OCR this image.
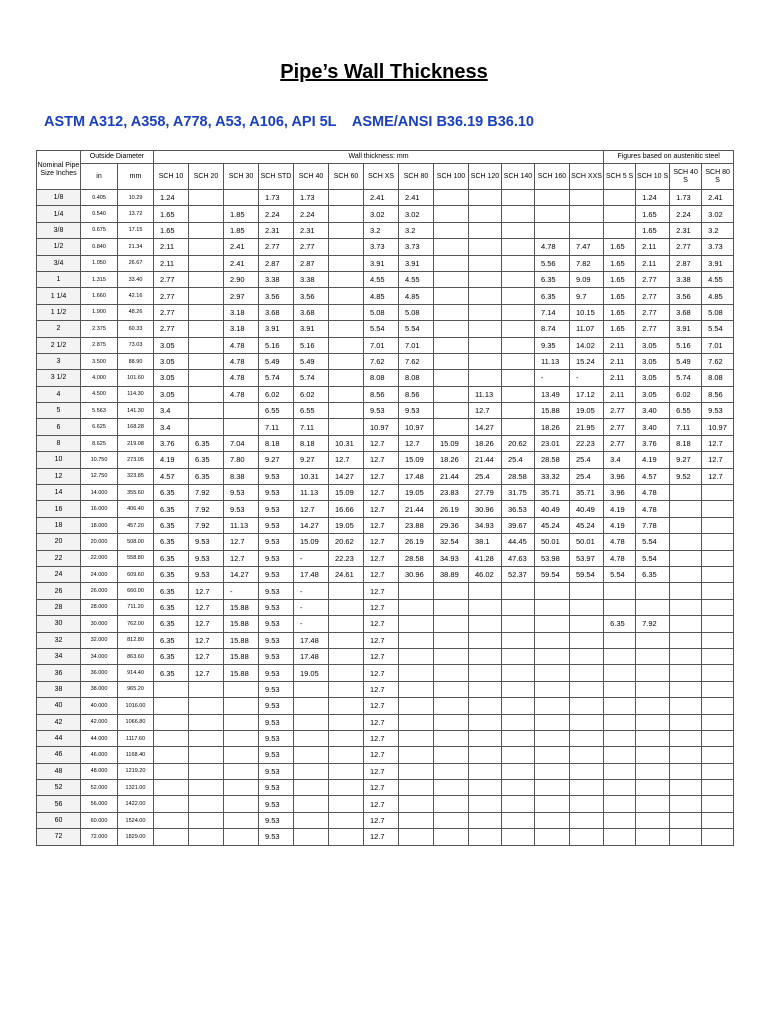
Pipe’s Wall Thickness
ASTM A312, A358, A778, A53, A106, API 5L    ASME/ANSI B36.19 B36.10
Nominal Pipe Size Inches	Outside Diameter		Wall thickness: mm													Figures based on austenitic steel			
	in	mm	SCH 10	SCH 20	SCH 30	SCH STD	SCH 40	SCH 60	SCH XS	SCH 80	SCH 100	SCH 120	SCH 140	SCH 160	SCH XXS	SCH 5 S	SCH 10 S	SCH 40 S	SCH 80 S
1/8	0.405	10.29	1.24			1.73	1.73		2.41	2.41							1.24	1.73	2.41
1/4	0.540	13.72	1.65		1.85	2.24	2.24		3.02	3.02							1.65	2.24	3.02
3/8	0.675	17.15	1.65		1.85	2.31	2.31		3.2	3.2							1.65	2.31	3.2
1/2	0.840	21.34	2.11		2.41	2.77	2.77		3.73	3.73				4.78	7.47	1.65	2.11	2.77	3.73
3/4	1.050	26.67	2.11		2.41	2.87	2.87		3.91	3.91				5.56	7.82	1.65	2.11	2.87	3.91
1	1.315	33.40	2.77		2.90	3.38	3.38		4.55	4.55				6.35	9.09	1.65	2.77	3.38	4.55
1 1/4	1.660	42.16	2.77		2.97	3.56	3.56		4.85	4.85				6.35	9.7	1.65	2.77	3.56	4.85
1 1/2	1.900	48.26	2.77		3.18	3.68	3.68		5.08	5.08				7.14	10.15	1.65	2.77	3.68	5.08
2	2.375	60.33	2.77		3.18	3.91	3.91		5.54	5.54				8.74	11.07	1.65	2.77	3.91	5.54
2 1/2	2.875	73.03	3.05		4.78	5.16	5.16		7.01	7.01				9.35	14.02	2.11	3.05	5.16	7.01
3	3.500	88.90	3.05		4.78	5.49	5.49		7.62	7.62				11.13	15.24	2.11	3.05	5.49	7.62
3 1/2	4.000	101.60	3.05		4.78	5.74	5.74		8.08	8.08				-	-	2.11	3.05	5.74	8.08
4	4.500	114.30	3.05		4.78	6.02	6.02		8.56	8.56		11.13		13.49	17.12	2.11	3.05	6.02	8.56
5	5.563	141.30	3.4			6.55	6.55		9.53	9.53		12.7		15.88	19.05	2.77	3.40	6.55	9.53
6	6.625	168.28	3.4			7.11	7.11		10.97	10.97		14.27		18.26	21.95	2.77	3.40	7.11	10.97
8	8.625	219.08	3.76	6.35	7.04	8.18	8.18	10.31	12.7	12.7	15.09	18.26	20.62	23.01	22.23	2.77	3.76	8.18	12.7
10	10.750	273.05	4.19	6.35	7.80	9.27	9.27	12.7	12.7	15.09	18.26	21.44	25.4	28.58	25.4	3.4	4.19	9.27	12.7
12	12.750	323.85	4.57	6.35	8.38	9.53	10.31	14.27	12.7	17.48	21.44	25.4	28.58	33.32	25.4	3.96	4.57	9.52	12.7
14	14.000	355.60	6.35	7.92	9.53	9.53	11.13	15.09	12.7	19.05	23.83	27.79	31.75	35.71	35.71	3.96	4.78		
16	16.000	406.40	6.35	7.92	9.53	9.53	12.7	16.66	12.7	21.44	26.19	30.96	36.53	40.49	40.49	4.19	4.78		
18	18.000	457.20	6.35	7.92	11.13	9.53	14.27	19.05	12.7	23.88	29.36	34.93	39.67	45.24	45.24	4.19	7.78		
20	20.000	508.00	6.35	9.53	12.7	9.53	15.09	20.62	12.7	26.19	32.54	38.1	44.45	50.01	50.01	4.78	5.54		
22	22.000	558.80	6.35	9.53	12.7	9.53	-	22.23	12.7	28.58	34.93	41.28	47.63	53.98	53.97	4.78	5.54		
24	24.000	609.60	6.35	9.53	14.27	9.53	17.48	24.61	12.7	30.96	38.89	46.02	52.37	59.54	59.54	5.54	6.35		
26	26.000	660.00	6.35	12.7	-	9.53	-		12.7										
28	28.000	711.20	6.35	12.7	15.88	9.53	-		12.7										
30	30.000	762.00	6.35	12.7	15.88	9.53	-		12.7							6.35	7.92		
32	32.000	812.80	6.35	12.7	15.88	9.53	17.48		12.7										
34	34.000	863.60	6.35	12.7	15.88	9.53	17.48		12.7										
36	36.000	914.40	6.35	12.7	15.88	9.53	19.05		12.7										
38	38.000	965.20				9.53			12.7										
40	40.000	1016.00				9.53			12.7										
42	42.000	1066.80				9.53			12.7										
44	44.000	1117.60				9.53			12.7										
46	46.000	1168.40				9.53			12.7										
48	48.000	1219.20				9.53			12.7										
52	52.000	1321.00				9.53			12.7										
56	56.000	1422.00				9.53			12.7										
60	60.000	1524.00				9.53			12.7										
72	72.000	1829.00				9.53			12.7										
